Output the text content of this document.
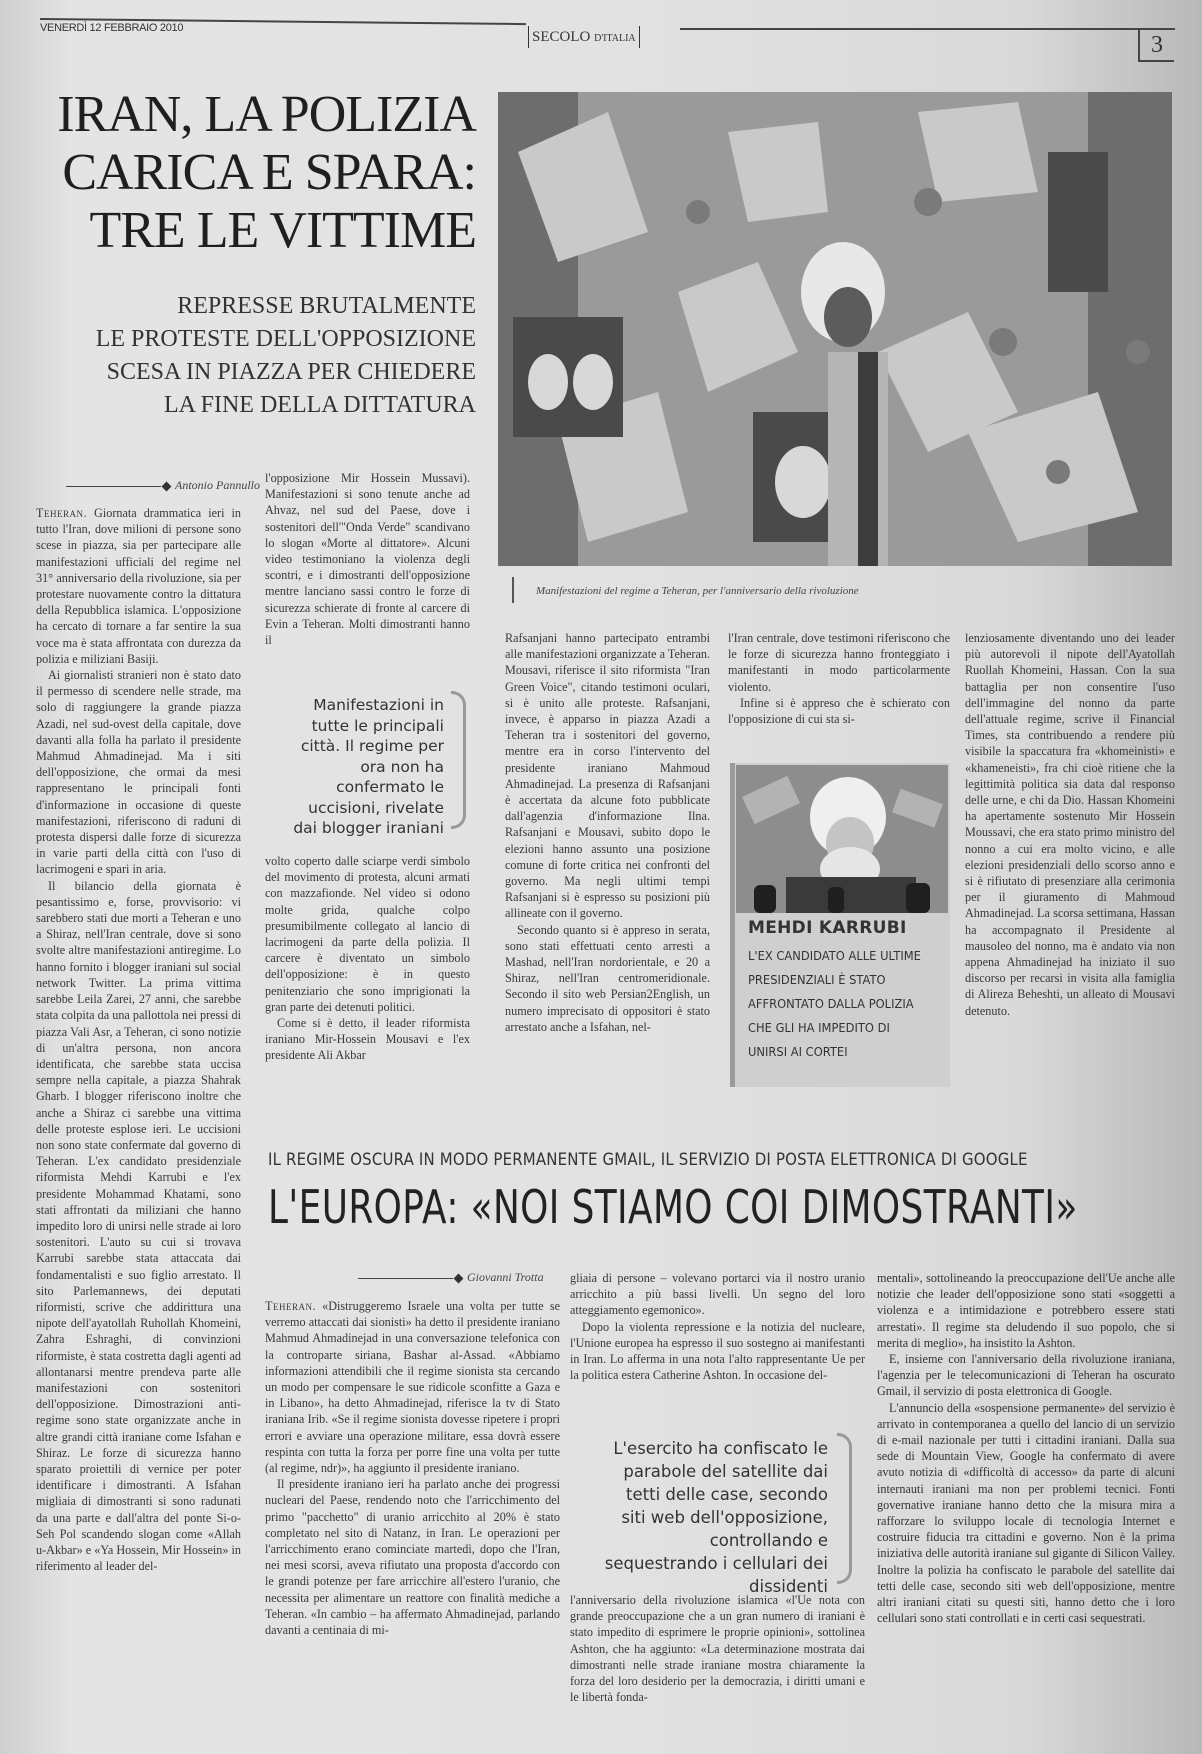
VENERDÌ 12 FEBBRAIO 2010
SECOLO D'ITALIA	3
IRAN, LA POLIZIA
CARICA E SPARA:
TRE LE VITTIME
REPRESSE BRUTALMENTE
LE PROTESTE DELL'OPPOSIZIONE
SCESA IN PIAZZA PER CHIEDERE
LA FINE DELLA DITTATURA
Manifestazioni del regime a Teheran, per l'anniversario della rivoluzione
Antonio Pannullo

Teheran. Giornata drammatica ieri in tutto l'Iran, dove milioni di persone sono scese in piazza, sia per partecipare alle manifestazioni ufficiali del regime nel 31° anniversario della rivoluzione, sia per protestare nuovamente contro la dittatura della Repubblica islamica. L'opposizione ha cercato di tornare a far sentire la sua voce ma è stata affrontata con durezza da polizia e miliziani Basiji.

Ai giornalisti stranieri non è stato dato il permesso di scendere nelle strade, ma solo di raggiungere la grande piazza Azadi, nel sud-ovest della capitale, dove davanti alla folla ha parlato il presidente Mahmud Ahmadinejad. Ma i siti dell'opposizione, che ormai da mesi rappresentano le principali fonti d'informazione in occasione di queste manifestazioni, riferiscono di raduni di protesta dispersi dalle forze di sicurezza in varie parti della città con l'uso di lacrimogeni e spari in aria.

Il bilancio della giornata è pesantissimo e, forse, provvisorio: vi sarebbero stati due morti a Teheran e uno a Shiraz, nell'Iran centrale, dove si sono svolte altre manifestazioni antiregime. Lo hanno fornito i blogger iraniani sul social network Twitter. La prima vittima sarebbe Leila Zarei, 27 anni, che sarebbe stata colpita da una pallottola nei pressi di piazza Vali Asr, a Teheran, ci sono notizie di un'altra persona, non ancora identificata, che sarebbe stata uccisa sempre nella capitale, a piazza Shahrak Gharb. I blogger riferiscono inoltre che anche a Shiraz ci sarebbe una vittima delle proteste esplose ieri. Le uccisioni non sono state confermate dal governo di Teheran. L'ex candidato presidenziale riformista Mehdi Karrubi e l'ex presidente Mohammad Khatami, sono stati affrontati da miliziani che hanno impedito loro di unirsi nelle strade ai loro sostenitori. L'auto su cui si trovava Karrubi sarebbe stata attaccata dai fondamentalisti e suo figlio arrestato. Il sito Parlemannews, dei deputati riformisti, scrive che addirittura una nipote dell'ayatollah Ruhollah Khomeini, Zahra Eshraghi, di convinzioni riformiste, è stata costretta dagli agenti ad allontanarsi mentre prendeva parte alle manifestazioni con sostenitori dell'opposizione. Dimostrazioni anti-regime sono state organizzate anche in altre grandi città iraniane come Isfahan e Shiraz. Le forze di sicurezza hanno sparato proiettili di vernice per poter identificare i dimostranti. A Isfahan migliaia di dimostranti si sono radunati da una parte e dall'altra del ponte Si-o-Seh Pol scandendo slogan come «Allah u-Akbar» e «Ya Hossein, Mir Hossein» in riferimento al leader del-

l'opposizione Mir Hossein Mussavi). Manifestazioni si sono tenute anche ad Ahvaz, nel sud del Paese, dove i sostenitori dell'"Onda Verde" scandivano lo slogan «Morte al dittatore». Alcuni video testimoniano la violenza degli scontri, e i dimostranti dell'opposizione mentre lanciano sassi contro le forze di sicurezza schierate di fronte al carcere di Evin a Teheran. Molti dimostranti hanno il

Manifestazioni in tutte le principali città. Il regime per ora non ha confermato le uccisioni, rivelate dai blogger iraniani

volto coperto dalle sciarpe verdi simbolo del movimento di protesta, alcuni armati con mazzafionde. Nel video si odono molte grida, qualche colpo presumibilmente collegato al lancio di lacrimogeni da parte della polizia. Il carcere è diventato un simbolo dell'opposizione: è in questo penitenziario che sono imprigionati la gran parte dei detenuti politici.

Come si è detto, il leader riformista iraniano Mir-Hossein Mousavi e l'ex presidente Ali Akbar

Rafsanjani hanno partecipato entrambi alle manifestazioni organizzate a Teheran. Mousavi, riferisce il sito riformista "Iran Green Voice", citando testimoni oculari, si è unito alle proteste. Rafsanjani, invece, è apparso in piazza Azadi a Teheran tra i sostenitori del governo, mentre era in corso l'intervento del presidente iraniano Mahmoud Ahmadinejad. La presenza di Rafsanjani è accertata da alcune foto pubblicate dall'agenzia d'informazione Ilna. Rafsanjani e Mousavi, subito dopo le elezioni hanno assunto una posizione comune di forte critica nei confronti del governo. Ma negli ultimi tempi Rafsanjani si è espresso su posizioni più allineate con il governo.

Secondo quanto si è appreso in serata, sono stati effettuati cento arresti a Mashad, nell'Iran nordorientale, e 20 a Shiraz, nell'Iran centromeridionale. Secondo il sito web Persian2English, un numero imprecisato di oppositori è stato arrestato anche a Isfahan, nel-

l'Iran centrale, dove testimoni riferiscono che le forze di sicurezza hanno fronteggiato i manifestanti in modo particolarmente violento.

Infine si è appreso che è schierato con l'opposizione di cui sta si-

MEHDI KARRUBI
L'EX CANDIDATO ALLE ULTIME PRESIDENZIALI È STATO AFFRONTATO DALLA POLIZIA CHE GLI HA IMPEDITO DI UNIRSI AI CORTEI

lenziosamente diventando uno dei leader più autorevoli il nipote dell'Ayatollah Ruollah Khomeini, Hassan. Con la sua battaglia per non consentire l'uso dell'immagine del nonno da parte dell'attuale regime, scrive il Financial Times, sta contribuendo a rendere più visibile la spaccatura fra «khomeinisti» e «khameneisti», fra chi cioè ritiene che la legittimità politica sia data dal responso delle urne, e chi da Dio. Hassan Khomeini ha apertamente sostenuto Mir Hossein Moussavi, che era stato primo ministro del nonno a cui era molto vicino, e alle elezioni presidenziali dello scorso anno e si è rifiutato di presenziare alla cerimonia per il giuramento di Mahmoud Ahmadinejad. La scorsa settimana, Hassan ha accompagnato il Presidente al mausoleo del nonno, ma è andato via non appena Ahmadinejad ha iniziato il suo discorso per recarsi in visita alla famiglia di Alireza Beheshti, un alleato di Mousavi detenuto.

IL REGIME OSCURA IN MODO PERMANENTE GMAIL, IL SERVIZIO DI POSTA ELETTRONICA DI GOOGLE
L'EUROPA: «NOI STIAMO COI DIMOSTRANTI»
Giovanni Trotta

Teheran. «Distruggeremo Israele una volta per tutte se verremo attaccati dai sionisti» ha detto il presidente iraniano Mahmud Ahmadinejad in una conversazione telefonica con la controparte siriana, Bashar al-Assad. «Abbiamo informazioni attendibili che il regime sionista sta cercando un modo per compensare le sue ridicole sconfitte a Gaza e in Libano», ha detto Ahmadinejad, riferisce la tv di Stato iraniana Irib. «Se il regime sionista dovesse ripetere i propri errori e avviare una operazione militare, essa dovrà essere respinta con tutta la forza per porre fine una volta per tutte (al regime, ndr)», ha aggiunto il presidente iraniano.

Il presidente iraniano ieri ha parlato anche dei progressi nucleari del Paese, rendendo noto che l'arricchimento del primo "pacchetto" di uranio arricchito al 20% è stato completato nel sito di Natanz, in Iran. Le operazioni per l'arricchimento erano cominciate martedì, dopo che l'Iran, nei mesi scorsi, aveva rifiutato una proposta d'accordo con le grandi potenze per fare arricchire all'estero l'uranio, che necessita per alimentare un reattore con finalità mediche a Teheran. «In cambio – ha affermato Ahmadinejad, parlando davanti a centinaia di mi-

gliaia di persone – volevano portarci via il nostro uranio arricchito a più bassi livelli. Un segno del loro atteggiamento egemonico».

Dopo la violenta repressione e la notizia del nucleare, l'Unione europea ha espresso il suo sostegno ai manifestanti in Iran. Lo afferma in una nota l'alto rappresentante Ue per la politica estera Catherine Ashton. In occasione del-

L'esercito ha confiscato le parabole del satellite dai tetti delle case, secondo siti web dell'opposizione, controllando e sequestrando i cellulari dei dissidenti

l'anniversario della rivoluzione islamica «l'Ue nota con grande preoccupazione che a un gran numero di iraniani è stato impedito di esprimere le proprie opinioni», sottolinea Ashton, che ha aggiunto: «La determinazione mostrata dai dimostranti nelle strade iraniane mostra chiaramente la forza del loro desiderio per la democrazia, i diritti umani e le libertà fonda-

mentali», sottolineando la preoccupazione dell'Ue anche alle notizie che leader dell'opposizione sono stati «soggetti a violenza e a intimidazione e potrebbero essere stati arrestati». Il regime sta deludendo il suo popolo, che si merita di meglio», ha insistito la Ashton.

E, insieme con l'anniversario della rivoluzione iraniana, l'agenzia per le telecomunicazioni di Teheran ha oscurato Gmail, il servizio di posta elettronica di Google.

L'annuncio della «sospensione permanente» del servizio è arrivato in contemporanea a quello del lancio di un servizio di e-mail nazionale per tutti i cittadini iraniani. Dalla sua sede di Mountain View, Google ha confermato di avere avuto notizia di «difficoltà di accesso» da parte di alcuni internauti iraniani ma non per problemi tecnici. Fonti governative iraniane hanno detto che la misura mira a rafforzare lo sviluppo locale di tecnologia Internet e costruire fiducia tra cittadini e governo. Non è la prima iniziativa delle autorità iraniane sul gigante di Silicon Valley. Inoltre la polizia ha confiscato le parabole del satellite dai tetti delle case, secondo siti web dell'opposizione, mentre altri iraniani citati su questi siti, hanno detto che i loro cellulari sono stati controllati e in certi casi sequestrati.
